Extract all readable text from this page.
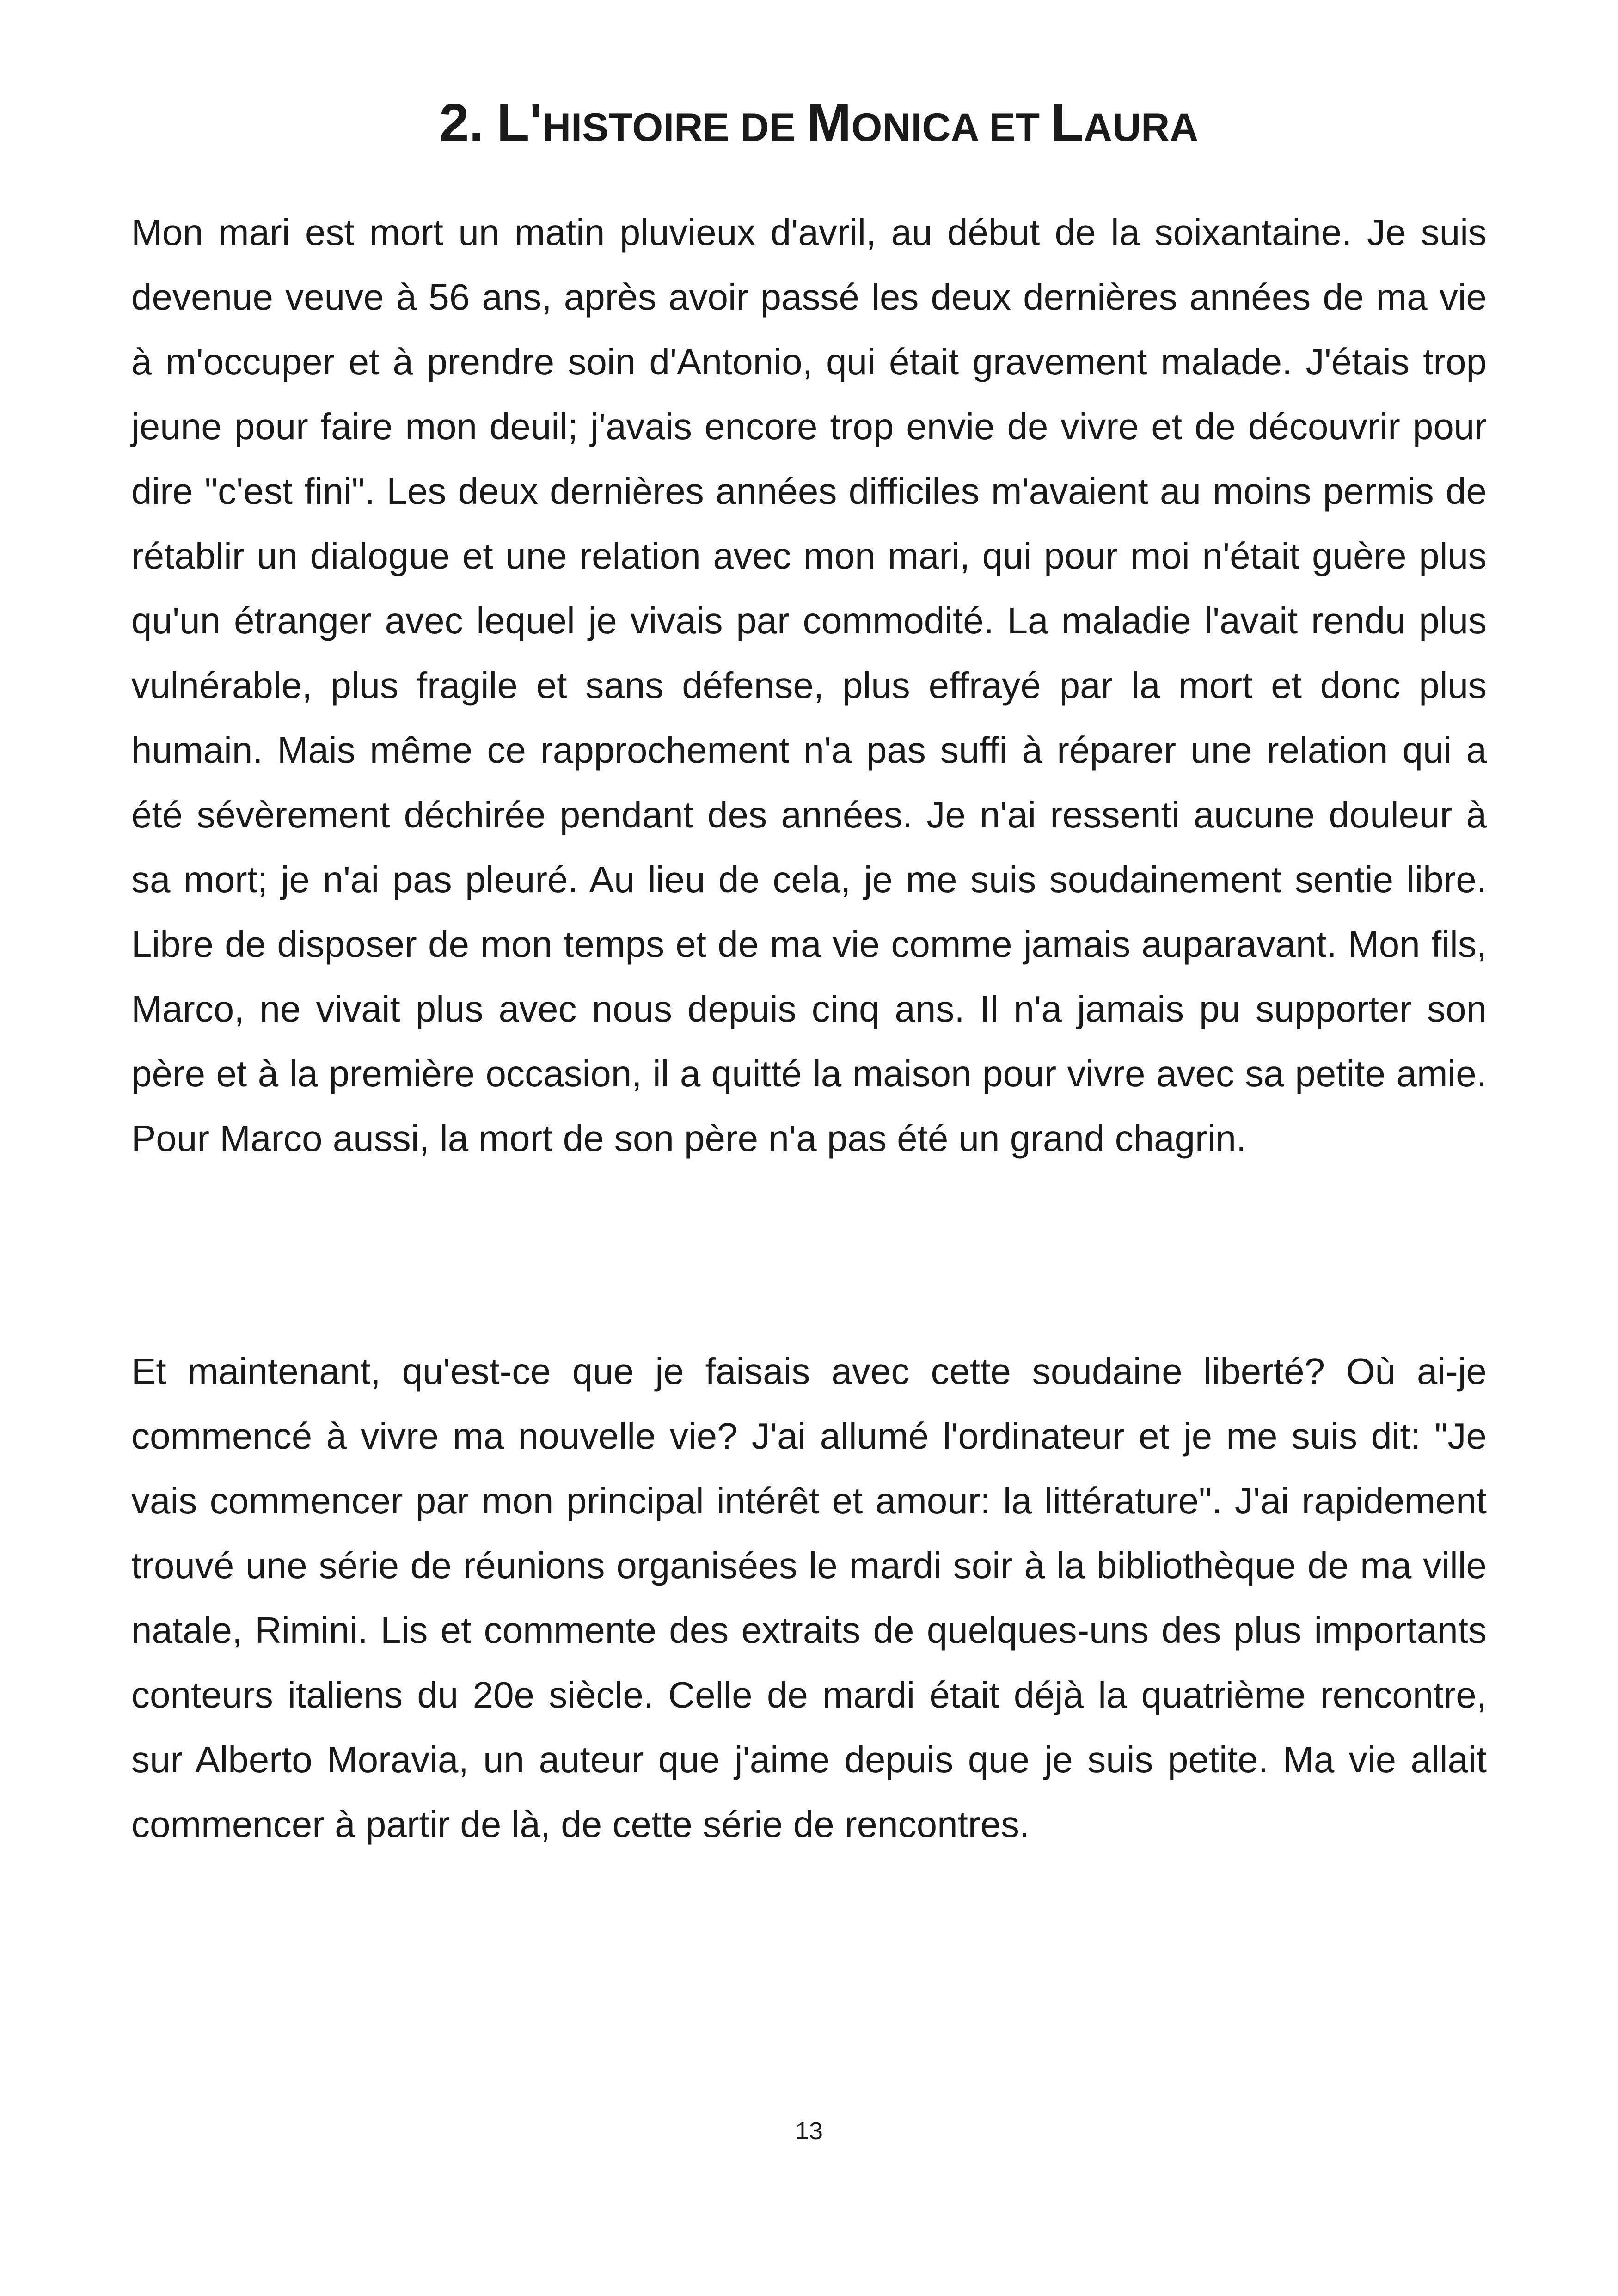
2. L'HISTOIRE DE MONICA ET LAURA

Mon mari est mort un matin pluvieux d'avril, au début de la soixantaine. Je suis devenue veuve à 56 ans, après avoir passé les deux dernières années de ma vie à m'occuper et à prendre soin d'Antonio, qui était gravement malade. J'étais trop jeune pour faire mon deuil; j'avais encore trop envie de vivre et de découvrir pour dire "c'est fini". Les deux dernières années difficiles m'avaient au moins permis de rétablir un dialogue et une relation avec mon mari, qui pour moi n'était guère plus qu'un étranger avec lequel je vivais par commodité. La maladie l'avait rendu plus vulnérable, plus fragile et sans défense, plus effrayé par la mort et donc plus humain. Mais même ce rapprochement n'a pas suffi à réparer une relation qui a été sévèrement déchirée pendant des années. Je n'ai ressenti aucune douleur à sa mort; je n'ai pas pleuré. Au lieu de cela, je me suis soudainement sentie libre. Libre de disposer de mon temps et de ma vie comme jamais auparavant. Mon fils, Marco, ne vivait plus avec nous depuis cinq ans. Il n'a jamais pu supporter son père et à la première occasion, il a quitté la maison pour vivre avec sa petite amie. Pour Marco aussi, la mort de son père n'a pas été un grand chagrin.

Et maintenant, qu'est-ce que je faisais avec cette soudaine liberté? Où ai-je commencé à vivre ma nouvelle vie? J'ai allumé l'ordinateur et je me suis dit: "Je vais commencer par mon principal intérêt et amour: la littérature". J'ai rapidement trouvé une série de réunions organisées le mardi soir à la bibliothèque de ma ville natale, Rimini. Lis et commente des extraits de quelques-uns des plus importants conteurs italiens du 20e siècle. Celle de mardi était déjà la quatrième rencontre, sur Alberto Moravia, un auteur que j'aime depuis que je suis petite. Ma vie allait commencer à partir de là, de cette série de rencontres.

13
